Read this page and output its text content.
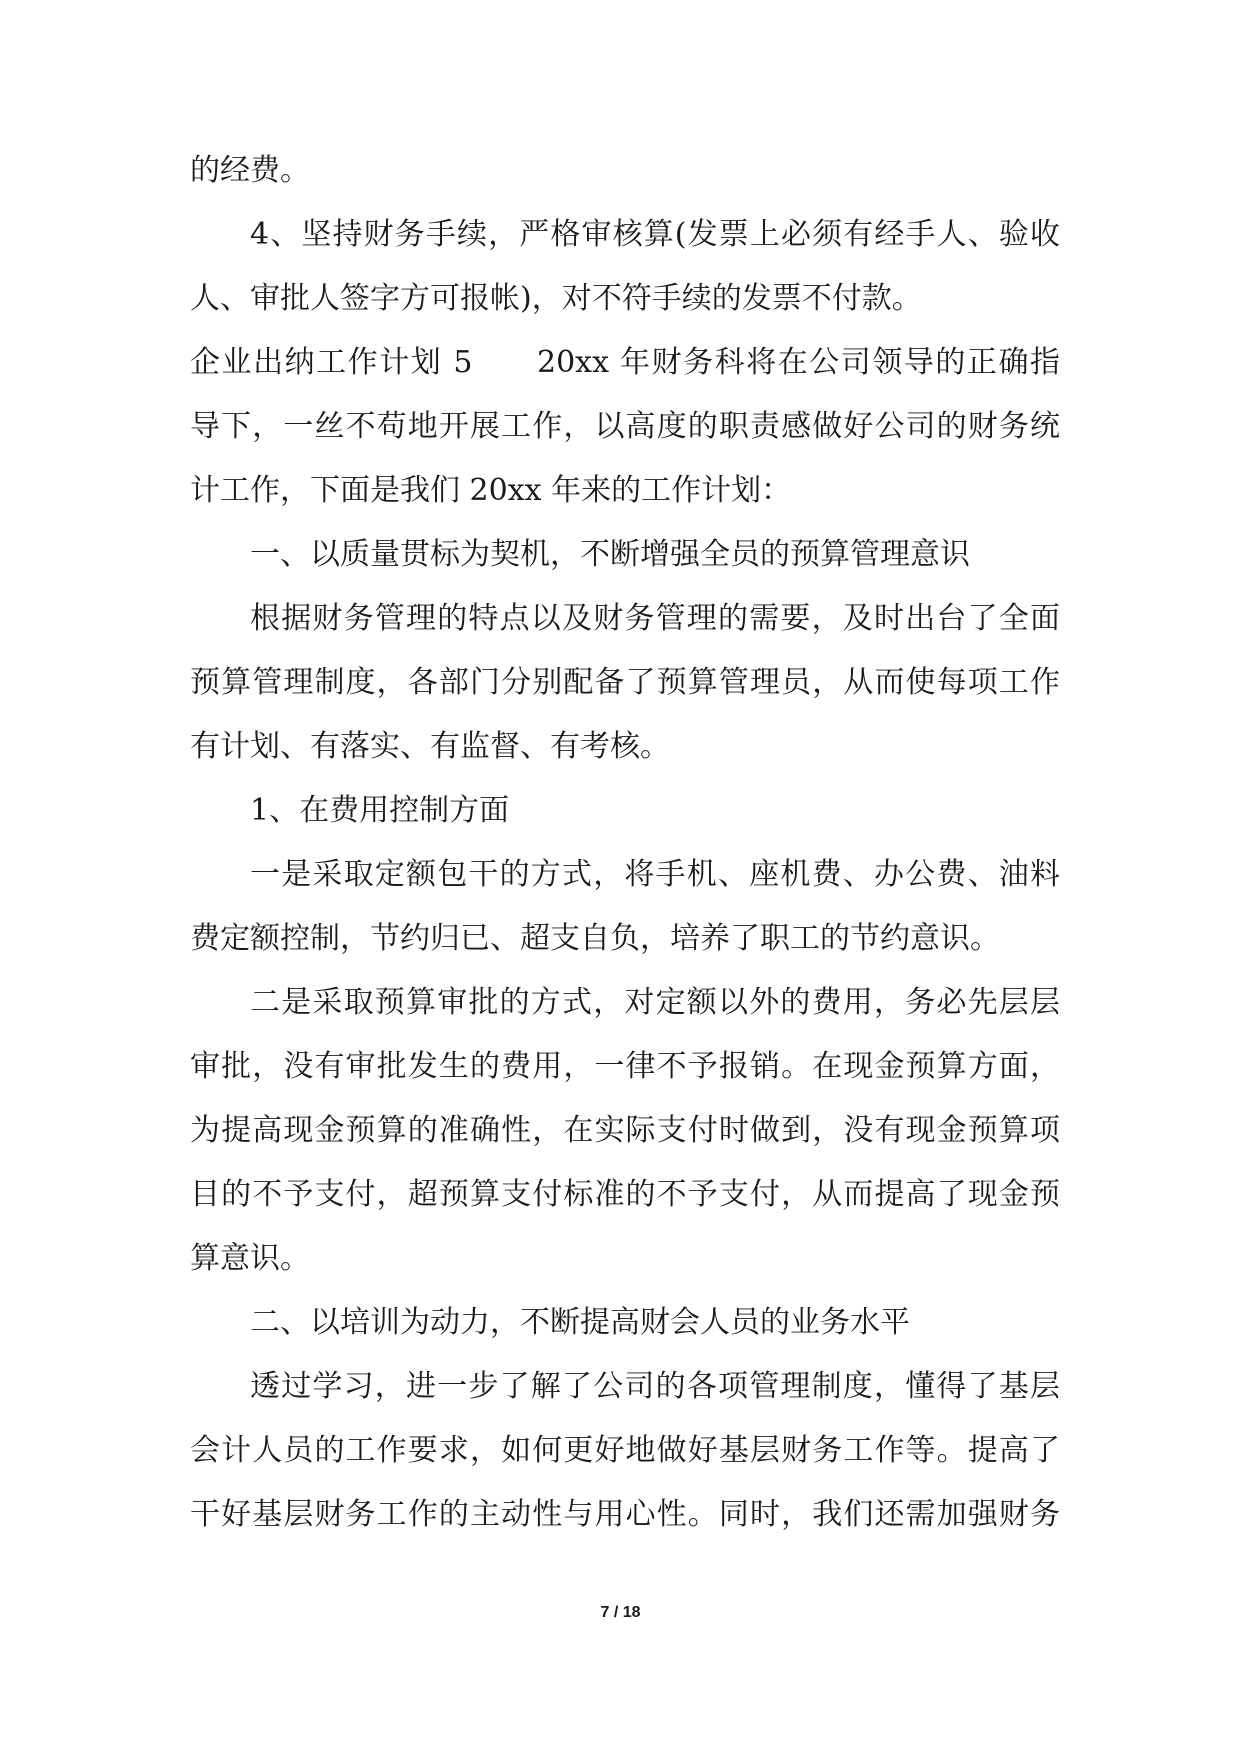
的经费。
4、坚持财务手续，严格审核算(发票上必须有经手人、验收
人、审批人签字方可报帐)，对不符手续的发票不付款。
企业出纳工作计划 5　　20xx 年财务科将在公司领导的正确指
导下，一丝不苟地开展工作，以高度的职责感做好公司的财务统
计工作，下面是我们 20xx 年来的工作计划：
一、以质量贯标为契机，不断增强全员的预算管理意识
根据财务管理的特点以及财务管理的需要，及时出台了全面
预算管理制度，各部门分别配备了预算管理员，从而使每项工作
有计划、有落实、有监督、有考核。
1、在费用控制方面
一是采取定额包干的方式，将手机、座机费、办公费、油料
费定额控制，节约归已、超支自负，培养了职工的节约意识。
二是采取预算审批的方式，对定额以外的费用，务必先层层
审批，没有审批发生的费用，一律不予报销。在现金预算方面，
为提高现金预算的准确性，在实际支付时做到，没有现金预算项
目的不予支付，超预算支付标准的不予支付，从而提高了现金预
算意识。
二、以培训为动力，不断提高财会人员的业务水平
透过学习，进一步了解了公司的各项管理制度，懂得了基层
会计人员的工作要求，如何更好地做好基层财务工作等。提高了
干好基层财务工作的主动性与用心性。同时，我们还需加强财务
7 / 18
